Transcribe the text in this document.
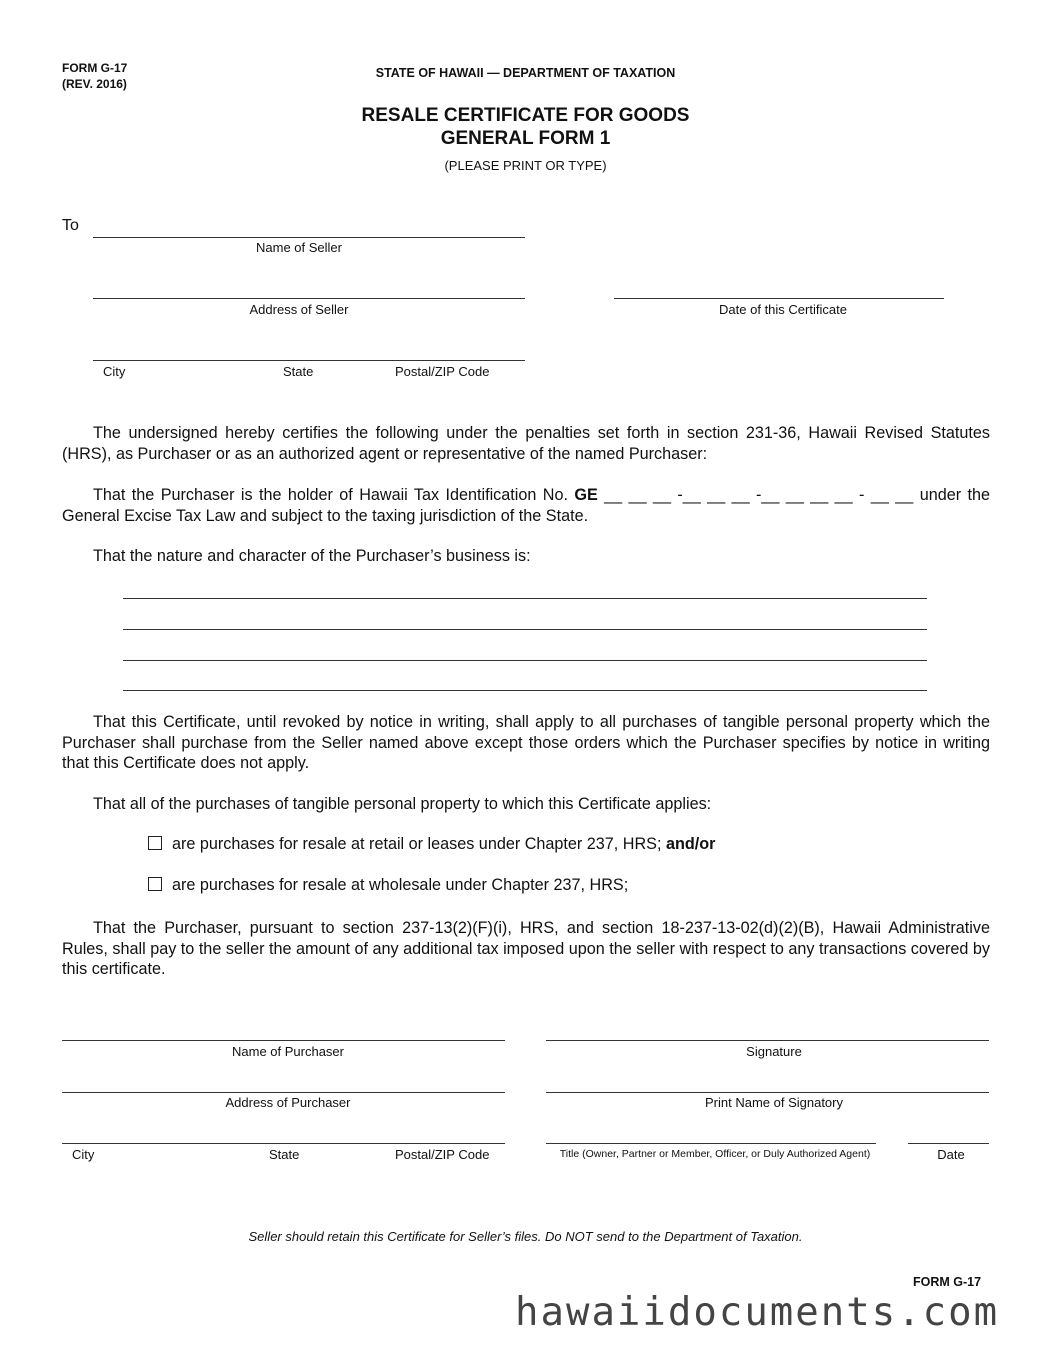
FORM G-17
(REV. 2016)
STATE OF HAWAII — DEPARTMENT OF TAXATION
RESALE CERTIFICATE FOR GOODS
GENERAL FORM 1
(PLEASE PRINT OR TYPE)
To
Name of Seller
Address of Seller	Date of this Certificate
City	State	Postal/ZIP Code
The undersigned hereby certifies the following under the penalties set forth in section 231-36, Hawaii Revised Statutes (HRS), as Purchaser or as an authorized agent or representative of the named Purchaser:
That the Purchaser is the holder of Hawaii Tax Identification No. GE __ __ __ -__ __ __ -__ __ __ __ - __ __ under the General Excise Tax Law and subject to the taxing jurisdiction of the State.
That the nature and character of the Purchaser’s business is:
That this Certificate, until revoked by notice in writing, shall apply to all purchases of tangible personal property which the Purchaser shall purchase from the Seller named above except those orders which the Purchaser specifies by notice in writing that this Certificate does not apply.
That all of the purchases of tangible personal property to which this Certificate applies:
are purchases for resale at retail or leases under Chapter 237, HRS; and/or
are purchases for resale at wholesale under Chapter 237, HRS;
That the Purchaser, pursuant to section 237-13(2)(F)(i), HRS, and section 18-237-13-02(d)(2)(B), Hawaii Administrative Rules, shall pay to the seller the amount of any additional tax imposed upon the seller with respect to any transactions covered by this certificate.
Name of Purchaser	Signature
Address of Purchaser	Print Name of Signatory
City	State	Postal/ZIP Code	Title (Owner, Partner or Member, Officer, or Duly Authorized Agent)	Date
Seller should retain this Certificate for Seller’s files. Do NOT send to the Department of Taxation.
FORM G-17
hawaiidocuments.com
